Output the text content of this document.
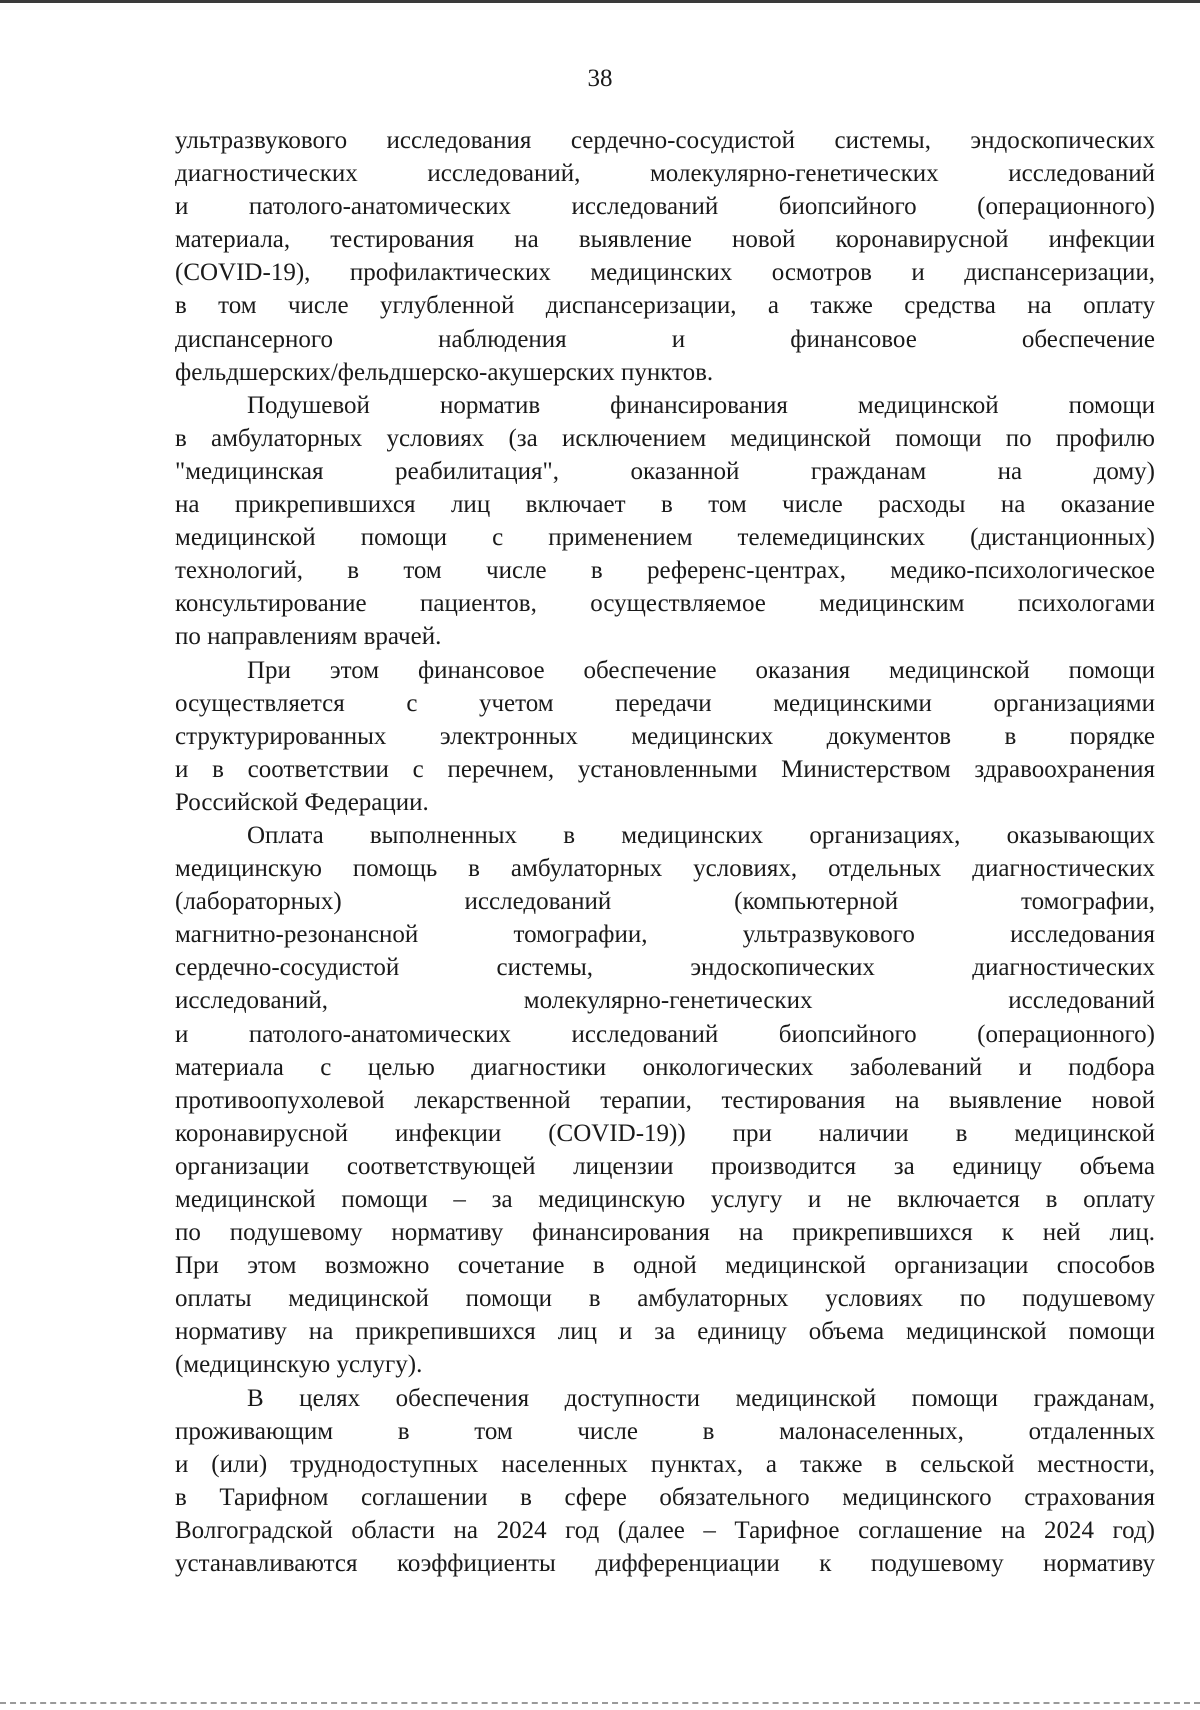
38
ультразвукового исследования сердечно-сосудистой системы, эндоскопических
диагностических исследований, молекулярно-генетических исследований
и патолого-анатомических исследований биопсийного (операционного)
материала, тестирования на выявление новой коронавирусной инфекции
(COVID-19), профилактических медицинских осмотров и диспансеризации,
в том числе углубленной диспансеризации, а также средства на оплату
диспансерного наблюдения и финансовое обеспечение
фельдшерских/фельдшерско-акушерских пунктов.
Подушевой норматив финансирования медицинской помощи
в амбулаторных условиях (за исключением медицинской помощи по профилю
"медицинская реабилитация", оказанной гражданам на дому)
на прикрепившихся лиц включает в том числе расходы на оказание
медицинской помощи с применением телемедицинских (дистанционных)
технологий, в том числе в референс-центрах, медико-психологическое
консультирование пациентов, осуществляемое медицинским психологами
по направлениям врачей.
При этом финансовое обеспечение оказания медицинской помощи
осуществляется с учетом передачи медицинскими организациями
структурированных электронных медицинских документов в порядке
и в соответствии с перечнем, установленными Министерством здравоохранения
Российской Федерации.
Оплата выполненных в медицинских организациях, оказывающих
медицинскую помощь в амбулаторных условиях, отдельных диагностических
(лабораторных) исследований (компьютерной томографии,
магнитно-резонансной томографии, ультразвукового исследования
сердечно-сосудистой системы, эндоскопических диагностических
исследований, молекулярно-генетических исследований
и патолого-анатомических исследований биопсийного (операционного)
материала с целью диагностики онкологических заболеваний и подбора
противоопухолевой лекарственной терапии, тестирования на выявление новой
коронавирусной инфекции (COVID-19)) при наличии в медицинской
организации соответствующей лицензии производится за единицу объема
медицинской помощи – за медицинскую услугу и не включается в оплату
по подушевому нормативу финансирования на прикрепившихся к ней лиц.
При этом возможно сочетание в одной медицинской организации способов
оплаты медицинской помощи в амбулаторных условиях по подушевому
нормативу на прикрепившихся лиц и за единицу объема медицинской помощи
(медицинскую услугу).
В целях обеспечения доступности медицинской помощи гражданам,
проживающим в том числе в малонаселенных, отдаленных
и (или) труднодоступных населенных пунктах, а также в сельской местности,
в Тарифном соглашении в сфере обязательного медицинского страхования
Волгоградской области на 2024 год (далее – Тарифное соглашение на 2024 год)
устанавливаются коэффициенты дифференциации к подушевому нормативу
